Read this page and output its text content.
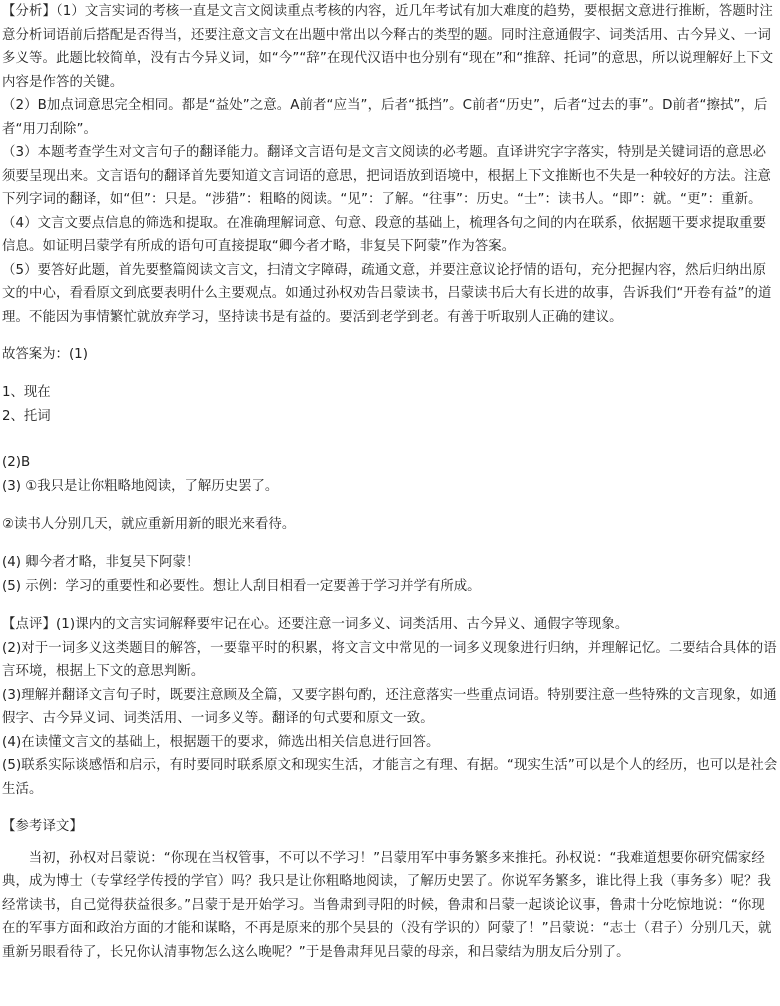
【分析】（1）文言实词的考核一直是文言文阅读重点考核的内容，近几年考试有加大难度的趋势，要根据文意进行推断，答题时注意分析词语前后搭配是否得当，还要注意文言文在出题中常出以今释古的类型的题。同时注意通假字、词类活用、古今异义、一词多义等。此题比较简单，没有古今异义词，如“今”“辞”在现代汉语中也分别有“现在”和“推辞、托词”的意思，所以说理解好上下文内容是作答的关键。

（2）B加点词意思完全相同。都是“益处”之意。A前者“应当”，后者“抵挡”。C前者“历史”，后者“过去的事”。D前者“擦拭”，后者“用刀刮除”。

（3）本题考查学生对文言句子的翻译能力。翻译文言语句是文言文阅读的必考题。直译讲究字字落实，特别是关键词语的意思必须要呈现出来。文言语句的翻译首先要知道文言词语的意思，把词语放到语境中，根据上下文推断也不失是一种较好的方法。注意下列字词的翻译，如“但”：只是。“涉猎”：粗略的阅读。“见”：了解。“往事”：历史。“士”：读书人。“即”：就。“更”：重新。

（4）文言文要点信息的筛选和提取。在准确理解词意、句意、段意的基础上，梳理各句之间的内在联系，依据题干要求提取重要信息。如证明吕蒙学有所成的语句可直接提取“卿今者才略，非复吴下阿蒙”作为答案。

（5）要答好此题，首先要整篇阅读文言文，扫清文字障碍，疏通文意，并要注意议论抒情的语句，充分把握内容，然后归纳出原文的中心，看看原文到底要表明什么主要观点。如通过孙权劝告吕蒙读书，吕蒙读书后大有长进的故事，告诉我们“开卷有益”的道理。不能因为事情繁忙就放弃学习，坚持读书是有益的。要活到老学到老。有善于听取别人正确的建议。

故答案为：(1)

1、现在

2、托词

(2)B

(3) ①我只是让你粗略地阅读，了解历史罢了。

②读书人分别几天，就应重新用新的眼光来看待。

(4) 卿今者才略，非复吴下阿蒙！

(5) 示例：学习的重要性和必要性。想让人刮目相看一定要善于学习并学有所成。

【点评】(1)课内的文言实词解释要牢记在心。还要注意一词多义、词类活用、古今异义、通假字等现象。

(2)对于一词多义这类题目的解答，一要靠平时的积累，将文言文中常见的一词多义现象进行归纳，并理解记忆。二要结合具体的语言环境，根据上下文的意思判断。

(3)理解并翻译文言句子时，既要注意顾及全篇，又要字斟句酌，还注意落实一些重点词语。特别要注意一些特殊的文言现象，如通假字、古今异义词、词类活用、一词多义等。翻译的句式要和原文一致。

(4)在读懂文言文的基础上，根据题干的要求，筛选出相关信息进行回答。

(5)联系实际谈感悟和启示，有时要同时联系原文和现实生活，才能言之有理、有据。“现实生活”可以是个人的经历，也可以是社会生活。

【参考译文】

当初，孙权对吕蒙说：“你现在当权管事，不可以不学习！”吕蒙用军中事务繁多来推托。孙权说：“我难道想要你研究儒家经典，成为博士（专掌经学传授的学官）吗？我只是让你粗略地阅读，了解历史罢了。你说军务繁多，谁比得上我（事务多）呢？我经常读书，自己觉得获益很多。”吕蒙于是开始学习。当鲁肃到寻阳的时候，鲁肃和吕蒙一起谈论议事，鲁肃十分吃惊地说：“你现在的军事方面和政治方面的才能和谋略，不再是原来的那个吴县的（没有学识的）阿蒙了！”吕蒙说：“志士（君子）分别几天，就重新另眼看待了，长兄你认清事物怎么这么晚呢？”于是鲁肃拜见吕蒙的母亲，和吕蒙结为朋友后分别了。
